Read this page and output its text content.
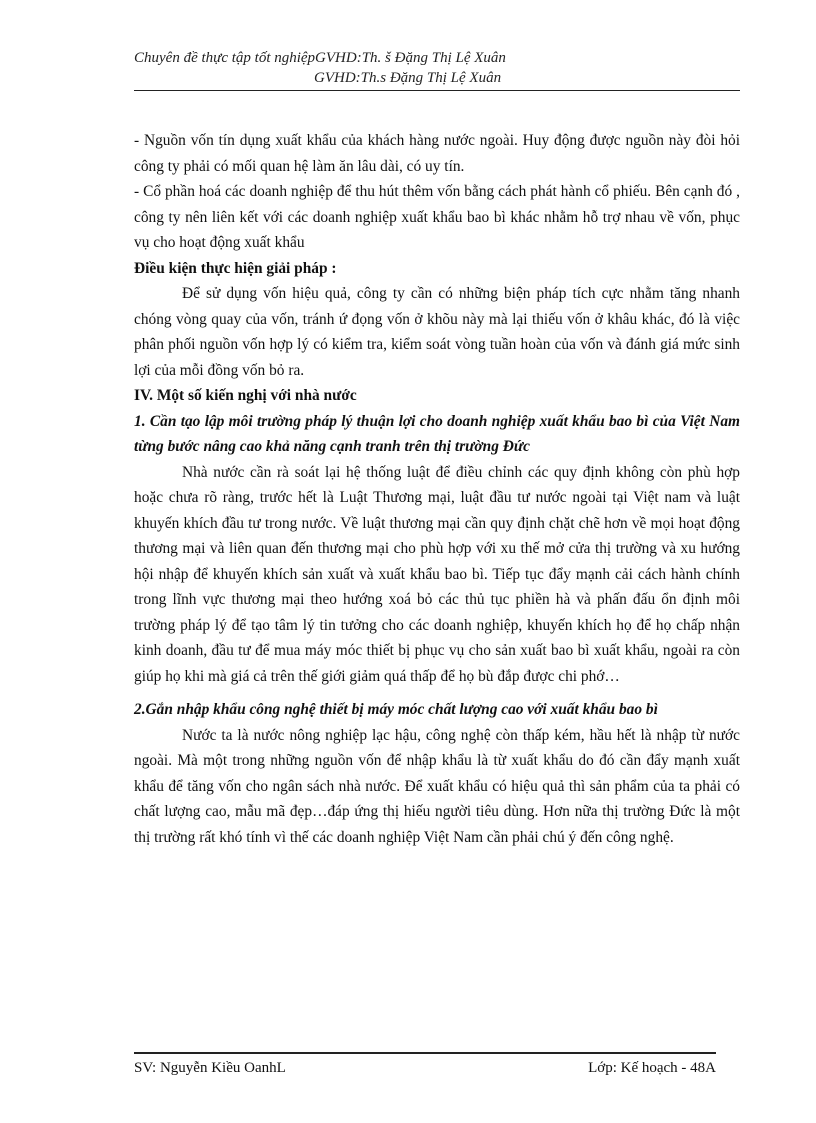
Chuyên đề thực tập tốt nghiệpGVHD:Th. š Đặng Thị Lệ Xuân
GVHD:Th.s Đặng Thị Lệ Xuân

- Nguồn vốn tín dụng xuất khẩu của khách hàng nước ngoài. Huy động được nguồn này đòi hỏi công ty phải có mối quan hệ làm ăn lâu dài, có uy tín.

- Cổ phần hoá các doanh nghiệp để thu hút thêm vốn bằng cách phát hành cổ phiếu. Bên cạnh đó , công ty nên liên kết với các doanh nghiệp xuất khẩu bao bì khác nhằm hỗ trợ nhau về vốn, phục vụ cho hoạt động xuất khẩu

Điều kiện thực hiện giải pháp :

Để sử dụng vốn hiệu quả, công ty cần có những biện pháp tích cực nhằm tăng nhanh chóng vòng quay của vốn, tránh ứ đọng vốn ở khõu này mà lại thiếu vốn ở khâu khác, đó là việc phân phối nguồn vốn hợp lý có kiểm tra, kiểm soát vòng tuần hoàn của vốn và đánh giá mức sinh lợi của mỗi đồng vốn bỏ ra.

IV. Một số kiến nghị với nhà nước

1. Cần tạo lập môi trường pháp lý thuận lợi cho doanh nghiệp xuất khẩu bao bì của Việt Nam từng bước nâng cao khả năng cạnh tranh trên thị trường Đức

Nhà nước cần rà soát lại hệ thống luật để điều chỉnh các quy định không còn phù hợp hoặc chưa rõ ràng, trước hết là Luật Thương mại, luật đầu tư nước ngoài tại Việt nam và luật khuyến khích đầu tư trong nước. Về luật thương mại cần quy định chặt chẽ hơn về mọi hoạt động thương mại và liên quan đến thương mại cho phù hợp với xu thế mở cửa thị trường và xu hướng hội nhập để khuyến khích sản xuất và xuất khẩu bao bì. Tiếp tục đẩy mạnh cải cách hành chính trong lĩnh vực thương mại theo hướng xoá bỏ các thủ tục phiền hà và phấn đấu ổn định môi trường pháp lý để tạo tâm lý tin tưởng cho các doanh nghiệp, khuyến khích họ để họ chấp nhận kinh doanh, đầu tư để mua máy móc thiết bị phục vụ cho sản xuất bao bì xuất khẩu, ngoài ra còn giúp họ khi mà giá cả trên thế giới giảm quá thấp để họ bù đắp được chi phớ…

2.Gắn nhập khẩu công nghệ thiết bị máy móc chất lượng cao với xuất khẩu bao bì

Nước ta là nước nông nghiệp lạc hậu, công nghệ còn thấp kém, hầu hết là nhập từ nước ngoài. Mà một trong những nguồn vốn để nhập khẩu là từ xuất khẩu do đó cần đẩy mạnh xuất khẩu để tăng vốn cho ngân sách nhà nước. Để xuất khẩu có hiệu quả thì sản phẩm của ta phải có chất lượng cao, mẫu mã đẹp…đáp ứng thị hiếu người tiêu dùng. Hơn nữa thị trường Đức là một thị trường rất khó tính vì thế các doanh nghiệp Việt Nam cần phải chú ý đến công nghệ.

SV: Nguyễn Kiều OanhL	Lớp: Kế hoạch - 48A
